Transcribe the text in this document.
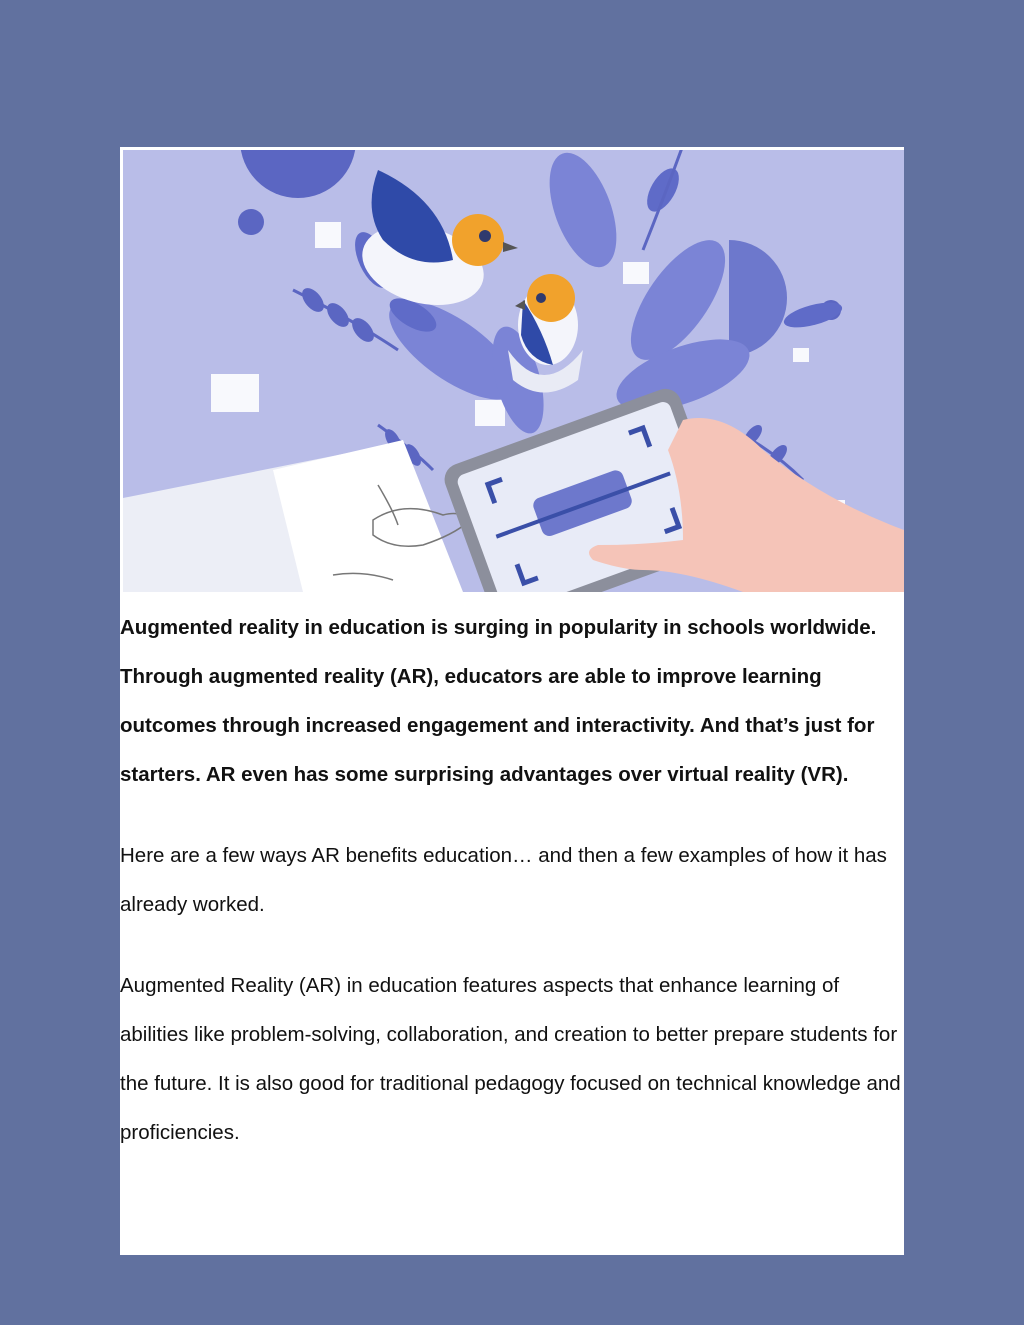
Augmented reality in education is surging in popularity in schools worldwide. Through augmented reality (AR), educators are able to improve learning outcomes through increased engagement and interactivity. And that’s just for starters. AR even has some surprising advantages over virtual reality (VR).

Here are a few ways AR benefits education… and then a few examples of how it has already worked.

Augmented Reality (AR) in education features aspects that enhance learning of abilities like problem-solving, collaboration, and creation to better prepare students for the future. It is also good for traditional pedagogy focused on technical knowledge and proficiencies.
